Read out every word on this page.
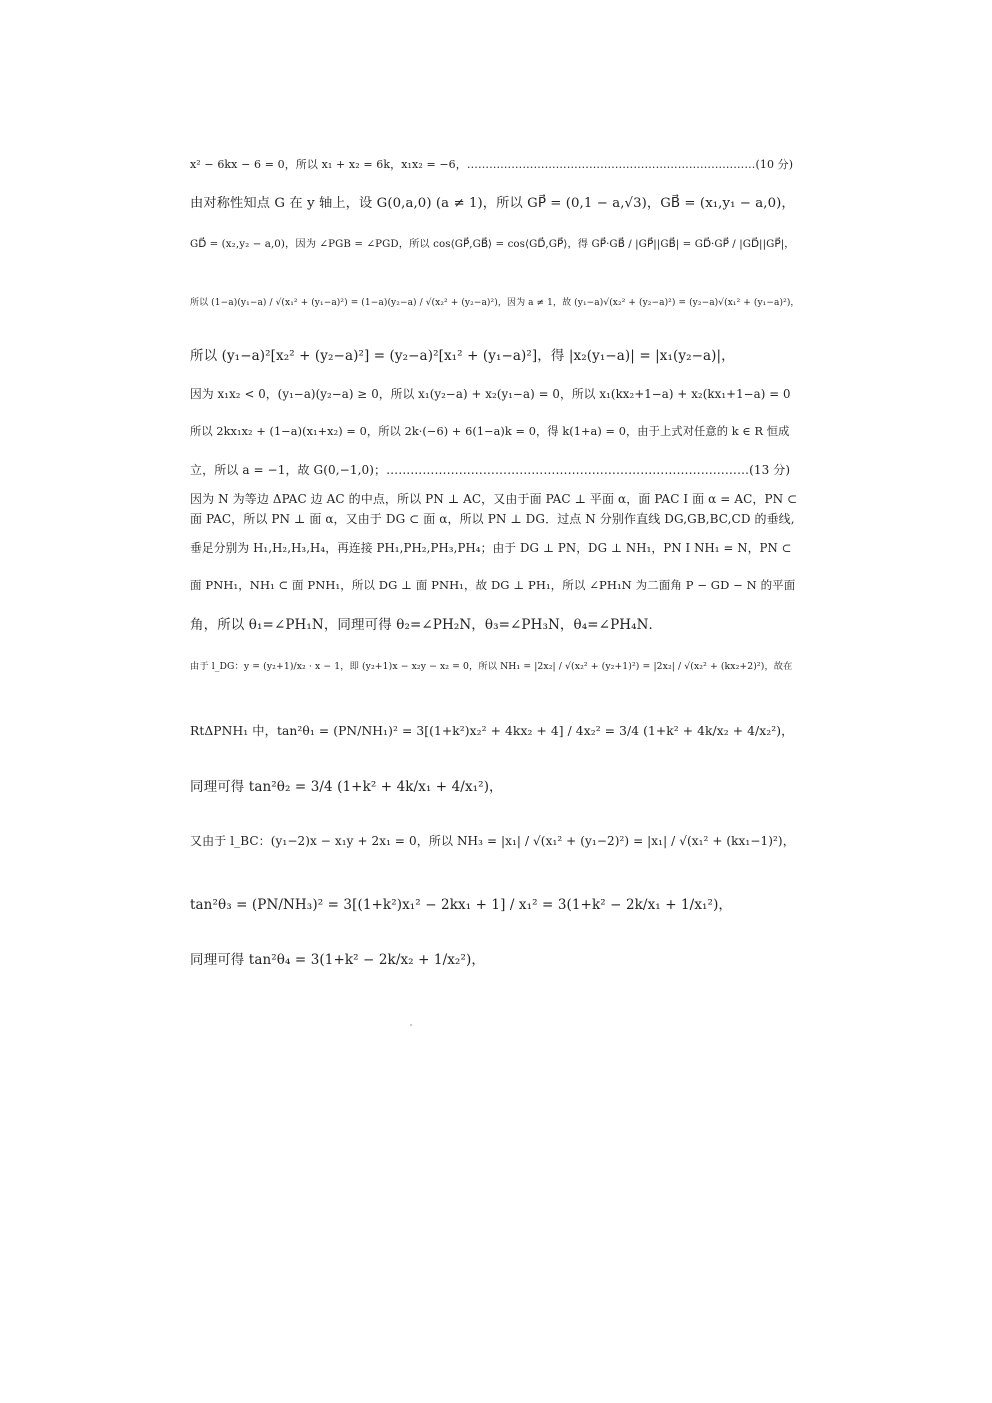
x² − 6kx − 6 = 0，所以 x₁ + x₂ = 6k，x₁x₂ = −6，……………………………………………………………………(10 分)
由对称性知点 G 在 y 轴上，设 G(0,a,0) (a ≠ 1)，所以 GP⃗ = (0,1 − a,√3)，GB⃗ = (x₁,y₁ − a,0)，
GD⃗ = (x₂,y₂ − a,0)，因为 ∠PGB = ∠PGD，所以 cos⟨GP⃗,GB⃗⟩ = cos⟨GD⃗,GP⃗⟩，得 GP⃗·GB⃗ / |GP⃗||GB⃗| = GD⃗·GP⃗ / |GD⃗||GP⃗|，
所以 (1−a)(y₁−a) / √(x₁² + (y₁−a)²) = (1−a)(y₂−a) / √(x₂² + (y₂−a)²)，因为 a ≠ 1，故 (y₁−a)√(x₂² + (y₂−a)²) = (y₂−a)√(x₁² + (y₁−a)²)，
所以 (y₁−a)²[x₂² + (y₂−a)²] = (y₂−a)²[x₁² + (y₁−a)²]，得 |x₂(y₁−a)| = |x₁(y₂−a)|，
因为 x₁x₂ < 0，(y₁−a)(y₂−a) ≥ 0，所以 x₁(y₂−a) + x₂(y₁−a) = 0，所以 x₁(kx₂+1−a) + x₂(kx₁+1−a) = 0
所以 2kx₁x₂ + (1−a)(x₁+x₂) = 0，所以 2k·(−6) + 6(1−a)k = 0，得 k(1+a) = 0，由于上式对任意的 k ∈ R 恒成
立，所以 a = −1，故 G(0,−1,0)；………………………………………………………………………………(13 分)
因为 N 为等边 ΔPAC 边 AC 的中点，所以 PN ⊥ AC，又由于面 PAC ⊥ 平面 α，面 PAC I 面 α = AC，PN ⊂
面 PAC，所以 PN ⊥ 面 α，又由于 DG ⊂ 面 α，所以 PN ⊥ DG．过点 N 分别作直线 DG,GB,BC,CD 的垂线,
垂足分别为 H₁,H₂,H₃,H₄，再连接 PH₁,PH₂,PH₃,PH₄；由于 DG ⊥ PN，DG ⊥ NH₁，PN I NH₁ = N，PN ⊂
面 PNH₁，NH₁ ⊂ 面 PNH₁，所以 DG ⊥ 面 PNH₁，故 DG ⊥ PH₁，所以 ∠PH₁N 为二面角 P − GD − N 的平面
角，所以 θ₁=∠PH₁N，同理可得 θ₂=∠PH₂N，θ₃=∠PH₃N，θ₄=∠PH₄N．
由于 l_DG：y = (y₂+1)/x₂ · x − 1，即 (y₂+1)x − x₂y − x₂ = 0，所以 NH₁ = |2x₂| / √(x₂² + (y₂+1)²) = |2x₂| / √(x₂² + (kx₂+2)²)，故在
RtΔPNH₁ 中，tan²θ₁ = (PN/NH₁)² = 3[(1+k²)x₂² + 4kx₂ + 4] / 4x₂² = 3/4 (1+k² + 4k/x₂ + 4/x₂²)，
同理可得 tan²θ₂ = 3/4 (1+k² + 4k/x₁ + 4/x₁²)，
又由于 l_BC：(y₁−2)x − x₁y + 2x₁ = 0，所以 NH₃ = |x₁| / √(x₁² + (y₁−2)²) = |x₁| / √(x₁² + (kx₁−1)²)，
tan²θ₃ = (PN/NH₃)² = 3[(1+k²)x₁² − 2kx₁ + 1] / x₁² = 3(1+k² − 2k/x₁ + 1/x₁²)，
同理可得 tan²θ₄ = 3(1+k² − 2k/x₂ + 1/x₂²)，
